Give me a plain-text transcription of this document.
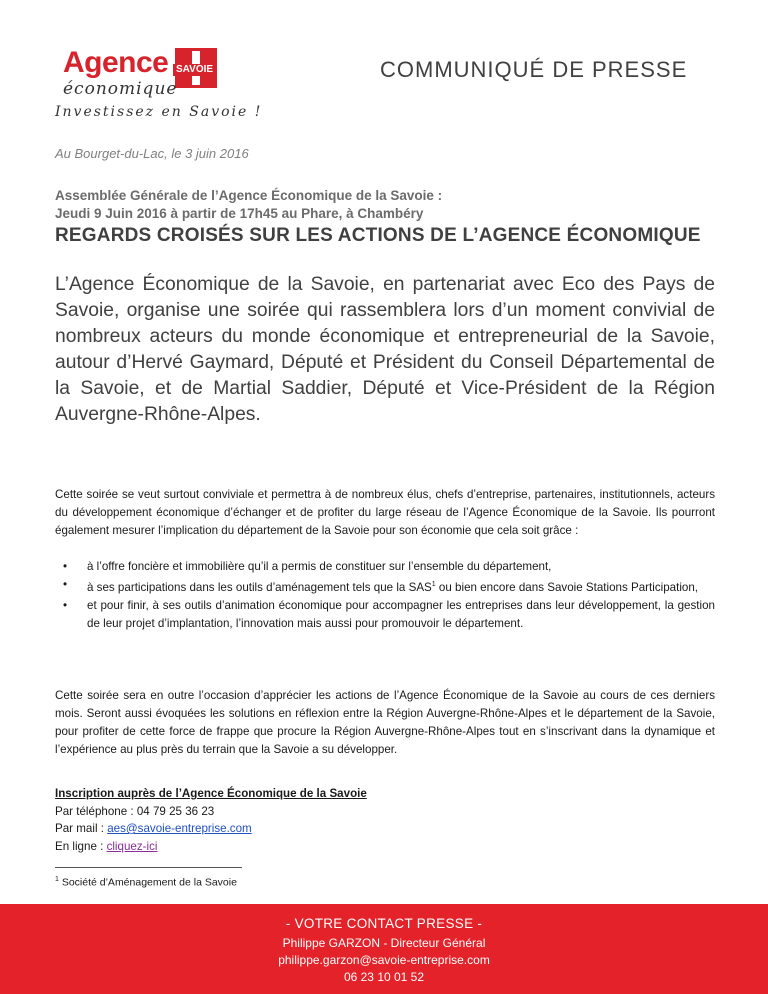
Agence SAVOIE
économique
Investissez en Savoie !
COMMUNIQUÉ DE PRESSE
Au Bourget-du-Lac, le 3 juin 2016
Assemblée Générale de l’Agence Économique de la Savoie :
Jeudi 9 Juin 2016 à partir de 17h45 au Phare, à Chambéry
REGARDS CROISÉS SUR LES ACTIONS DE L’AGENCE ÉCONOMIQUE

L’Agence Économique de la Savoie, en partenariat avec Eco des Pays de Savoie, organise une soirée qui rassemblera lors d’un moment convivial de nombreux acteurs du monde économique et entrepreneurial de la Savoie, autour d’Hervé Gaymard, Député et Président du Conseil Départemental de la Savoie, et de Martial Saddier, Député et Vice-Président de la Région Auvergne-Rhône-Alpes.

Cette soirée se veut surtout conviviale et permettra à de nombreux élus, chefs d’entreprise, partenaires, institutionnels, acteurs du développement économique d’échanger et de profiter du large réseau de l’Agence Économique de la Savoie. Ils pourront également mesurer l’implication du département de la Savoie pour son économie que cela soit grâce :

• à l’offre foncière et immobilière qu’il a permis de constituer sur l’ensemble du département,
• à ses participations dans les outils d’aménagement tels que la SAS$^1$ ou bien encore dans Savoie Stations Participation,
• et pour finir, à ses outils d’animation économique pour accompagner les entreprises dans leur développement, la gestion de leur projet d’implantation, l’innovation mais aussi pour promouvoir le département.

Cette soirée sera en outre l’occasion d’apprécier les actions de l’Agence Économique de la Savoie au cours de ces derniers mois. Seront aussi évoquées les solutions en réflexion entre la Région Auvergne-Rhône-Alpes et le département de la Savoie, pour profiter de cette force de frappe que procure la Région Auvergne-Rhône-Alpes tout en s’inscrivant dans la dynamique et l’expérience au plus près du terrain que la Savoie a su développer.

Inscription auprès de l’Agence Économique de la Savoie
Par téléphone : 04 79 25 36 23
Par mail : aes@savoie-entreprise.com
En ligne : cliquez-ici
$^1$ Société d’Aménagement de la Savoie
- VOTRE CONTACT PRESSE -
Philippe GARZON - Directeur Général
philippe.garzon@savoie-entreprise.com
06 23 10 01 52
